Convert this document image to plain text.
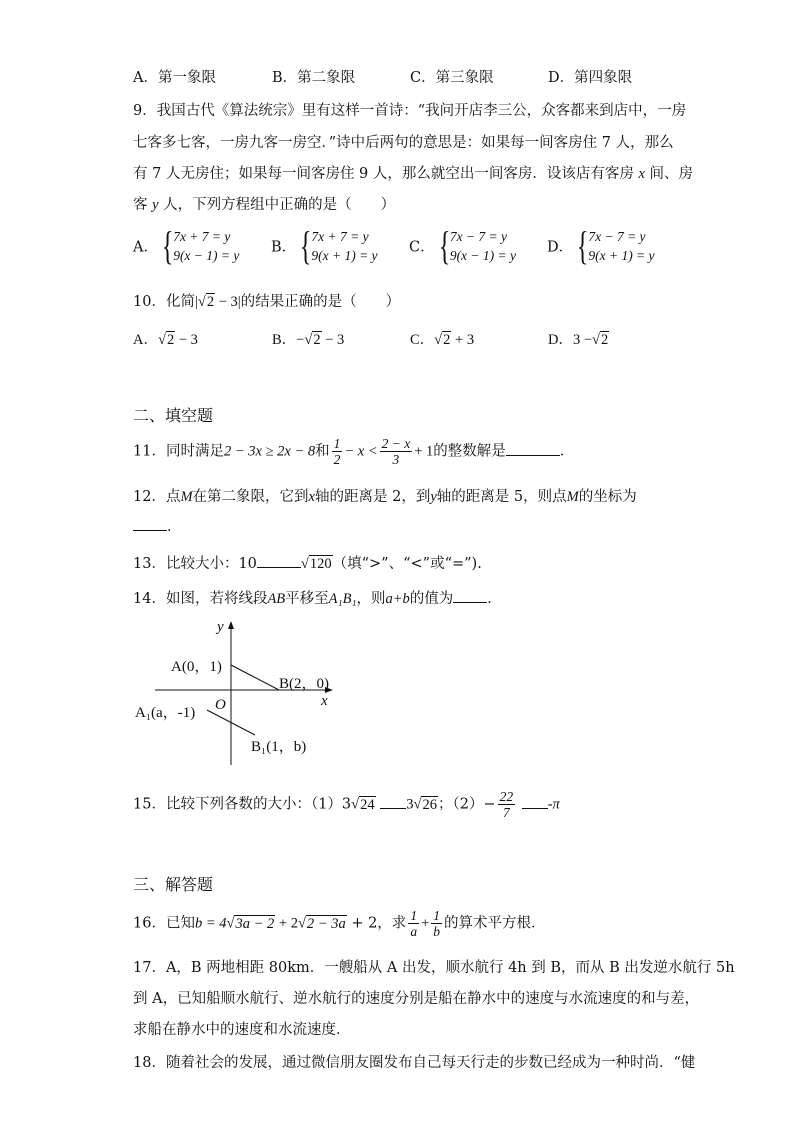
A．第一象限	B．第二象限	C．第三象限	D．第四象限
9．我国古代《算法统宗》里有这样一首诗：“我问开店李三公，众客都来到店中，一房
七客多七客，一房九客一房空．”诗中后两句的意思是：如果每一间客房住 7 人，那么
有 7 人无房住；如果每一间客房住 9 人，那么就空出一间客房．设该店有客房 x 间、房
客 y 人，下列方程组中正确的是（　　）
A． { 7x + 7 = y
9(x − 1) = y B． { 7x + 7 = y
9(x + 1) = y C． { 7x − 7 = y
9(x − 1) = y D． { 7x − 7 = y
9(x + 1) = y
10．化简|√2 − 3|的结果正确的是（　　）
A．√2 − 3	B．−√2 − 3	C．√2 + 3	D．3 −√2
二、填空题
11．同时满足2 − 3x ≥ 2x − 8和 $\frac{1}{2} - x < \frac{2 - x}{3} + 1$的整数解是	．
12．点M在第二象限，它到x轴的距离是 2，到y轴的距离是 5，则点M的坐标为
．
13．比较大小：10	√120（填“>”、“<”或“=”).
14．如图，若将线段AB平移至A₁B₁，则a+b的值为 ．
y
x
O
A(0，1)
B(2，0)
A₁(a，-1)
B₁(1，b)
15．比较下列各数的大小：（1）3√24 3√26；$(2)- \frac{22}{7} -\pi$
三、解答题
16．已知b = 4√3a − 2 + 2√2 − 3a + 2，求 $\frac{1}{a} + \frac{1}{b}$ 的算术平方根．
17．A，B 两地相距 80km．一艘船从 A 出发，顺水航行 4h 到 B，而从 B 出发逆水航行 5h
到 A，已知船顺水航行、逆水航行的速度分别是船在静水中的速度与水流速度的和与差，
求船在静水中的速度和水流速度．
18．随着社会的发展，通过微信朋友圈发布自己每天行走的步数已经成为一种时尚．“健
